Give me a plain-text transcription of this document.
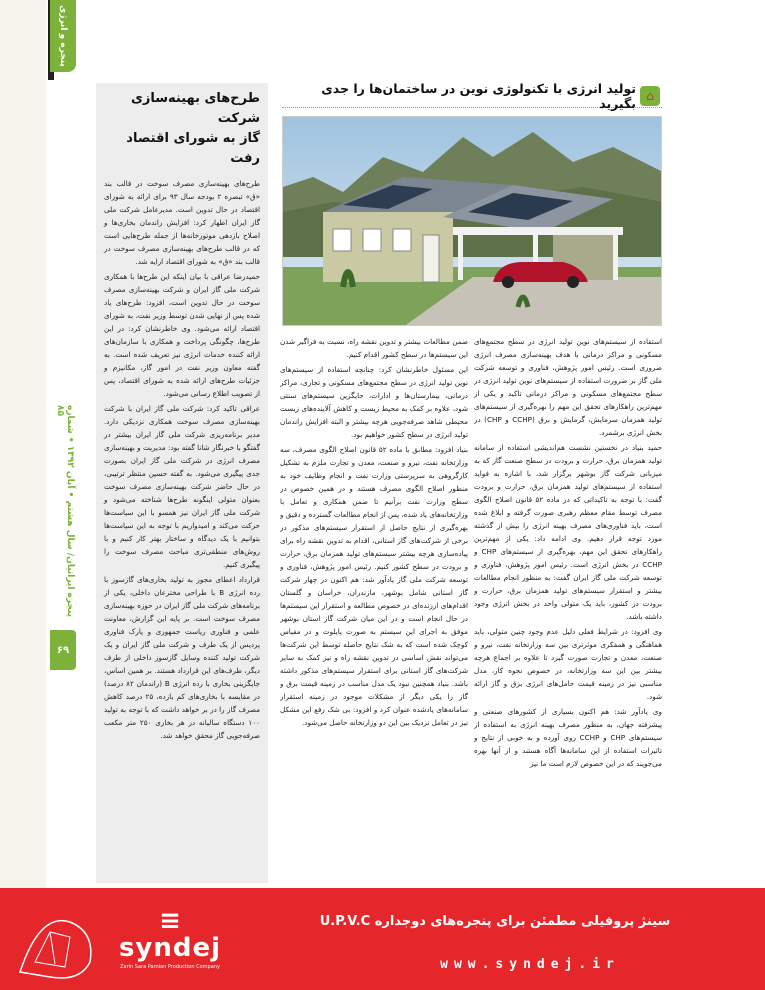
پنجره و انرژی
پنجره ایرانیان/ سال هشتم • آبان ۱۳۹۲ • شماره ۸۵
۶۹
طرح‌های بهینه‌سازی شرکت
گاز به شورای اقتصاد رفت

طرح‌های بهینه‌سازی مصرف سوخت در قالب بند «ق» تبصره ۲ بودجه سال ۹۳ برای ارائه به شورای اقتصاد در حال تدوین است. مدیرعامل شرکت ملی گاز ایران اظهار کرد: افزایش راندمان بخاری‌ها و اصلاح بازدهی موتورخانه‌ها از جمله طرح‌هایی است که در قالب طرح‌های بهینه‌سازی مصرف سوخت در قالب بند «ق» به شورای اقتصاد ارایه شد.

حمیدرضا عراقی با بیان اینکه این طرح‌ها با همکاری شرکت ملی گاز ایران و شرکت بهینه‌سازی مصرف سوخت در حال تدوین است، افزود: طرح‌های یاد شده پس از نهایی شدن توسط وزیر نفت، به شورای اقتصاد ارائه می‌شود. وی خاطرنشان کرد: در این طرح‌ها، چگونگی پرداخت و همکاری با سازمان‌های ارائه کننده خدمات انرژی نیز تعریف شده است. به گفته معاون وزیر نفت در امور گاز، مکانیزم و جزئیات طرح‌های ارائه شده به شورای اقتصاد، پس از تصویب اطلاع رسانی می‌شود.

عراقی تاکید کرد: شرکت ملی گاز ایران با شرکت بهینه‌سازی مصرف سوخت همکاری نزدیکی دارد. مدیر برنامه‌ریزی شرکت ملی گاز ایران بیشتر در گفتگو با خبرنگار شانا گفته بود: مدیریت و بهینه‌سازی مصرف انرژی در شرکت ملی گاز ایران بصورت جدی پیگیری می‌شود. به گفته حسین منتظر ترتیبی، در حال حاضر شرکت بهینه‌سازی مصرف سوخت بعنوان متولی اینگونه طرح‌ها شناخته می‌شود و شرکت ملی گاز ایران نیز همسو با این سیاست‌ها حرکت می‌کند و امیدواریم با توجه به این سیاست‌ها بتوانیم با یک دیدگاه و ساختار بهتر کار کنیم و با روش‌های منطقی‌تری مباحث مصرف سوخت را پیگیری کنیم.

قرارداد اعطای مجوز به تولید بخاری‌های گازسوز با رده انرژی B با طراحی مخترعان داخلی، یکی از برنامه‌های شرکت ملی گاز ایران در حوزه بهینه‌سازی مصرف سوخت است. بر پایه این گزارش، معاونت علمی و فناوری ریاست جمهوری و پارک فناوری پردیس از یک طرف و شرکت ملی گاز ایران و یک شرکت تولید کننده وسایل گازسوز داخلی از طرف دیگر، طرف‌های این قرارداد هستند. بر همین اساس، جایگزینی بخاری با رده انرژی B (راندمان ۸۲ درصد) در مقایسه با بخاری‌های کم بازده، ۲۵ درصد کاهش مصرف گاز را در بر خواهد داشت که با توجه به تولید ۱۰۰ دستگاه سالیانه در هر بخاری ۲۵۰ متر مکعب صرفه‌جویی گاز محقق خواهد شد.

⌂
تولید انرژی با تکنولوژی نوین در ساختمان‌ها را جدی بگیرید

استفاده از سیستم‌های نوین تولید انرژی در سطح مجتمع‌های مسکونی و مراکز درمانی با هدف بهینه‌سازی مصرف انرژی ضروری است. رئیس امور پژوهش، فناوری و توسعه شرکت ملی گاز بر ضرورت استفاده از سیستم‌های نوین تولید انرژی در سطح مجتمع‌های مسکونی و مراکز درمانی تاکید و یکی از مهم‌ترین راهکارهای تحقق این مهم را بهره‌گیری از سیستم‌های تولید همزمان سرمایش، گرمایش و برق (CCHP و CHP) در بخش انرژی برشمرد.

حمید بنیاد در نخستین نشست هم‌اندیشی استفاده از سامانه تولید همزمان برق، حرارت و برودت در سطح صنعت گاز که به میزبانی شرکت گاز بوشهر برگزار شد، با اشاره به فواید استفاده از سیستم‌های تولید همزمان برق، حرارت و برودت گفت: با توجه به تاکیداتی که در ماده ۵۲ قانون اصلاح الگوی مصرف توسط مقام معظم رهبری صورت گرفته و ابلاغ شده است، باید فناوری‌های مصرف بهینه انرژی را بیش از گذشته مورد توجه قرار دهیم. وی ادامه داد: یکی از مهم‌ترین راهکارهای تحقق این مهم، بهره‌گیری از سیستم‌های CHP و CCHP در بخش انرژی است. رئیس امور پژوهش، فناوری و توسعه شرکت ملی گاز ایران گفت: به منظور انجام مطالعات بیشتر و استقرار سیستم‌های تولید همزمان برق، حرارت و برودت در کشور، باید یک متولی واحد در بخش انرژی وجود داشته باشد.

وی افزود: در شرایط فعلی دلیل عدم وجود چنین متولی، باید هماهنگی و همفکری موثرتری بین سه وزارتخانه نفت، نیرو و صنعت، معدن و تجارت صورت گیرد تا علاوه بر اجماع هرچه بیشتر بین این سه وزارتخانه، در خصوص نحوه کار، مدل مناسبی نیز در زمینه قیمت حامل‌های انرژی برق و گاز ارائه شود.

وی یادآور شد: هم اکنون بسیاری از کشورهای صنعتی و پیشرفته جهان، به منظور مصرف بهینه انرژی به استفاده از سیستم‌های CHP و CCHP روی آورده و به خوبی از نتایج و تاثیرات استفاده از این سامانه‌ها آگاه هستند و از آنها بهره می‌جویند که در این خصوص لازم است ما نیز

ضمن مطالعات بیشتر و تدوین نقشه راه، نسبت به فراگیر شدن این سیستم‌ها در سطح کشور اقدام کنیم.

این مسئول خاطرنشان کرد: چنانچه استفاده از سیستم‌های نوین تولید انرژی در سطح مجتمع‌های مسکونی و تجاری، مراکز درمانی، بیمارستان‌ها و ادارات، جایگزین سیستم‌های سنتی شود، علاوه بر کمک به محیط زیست و کاهش آلاینده‌های زیست محیطی شاهد صرفه‌جویی هرچه بیشتر و البته افزایش راندمان تولید انرژی در سطح کشور خواهیم بود.

بنیاد افزود: مطابق با ماده ۵۲ قانون اصلاح الگوی مصرف، سه وزارتخانه نفت، نیرو و صنعت، معدن و تجارت ملزم به تشکیل کارگروهی به سرپرستی وزارت نفت و انجام وظایف خود به منظور اصلاح الگوی مصرف هستند و در همین خصوص در سطح وزارت نفت برآنیم تا ضمن همکاری و تعامل با وزارتخانه‌های یاد شده، پس از انجام مطالعات گسترده و دقیق و بهره‌گیری از نتایج حاصل از استقرار سیستم‌های مذکور در برخی از شرکت‌های گاز استانی، اقدام به تدوین نقشه راه برای پیاده‌سازی هرچه بیشتر سیستم‌های تولید همزمان برق، حرارت و برودت در سطح کشور کنیم. رئیس امور پژوهش، فناوری و توسعه شرکت ملی گاز یادآور شد: هم اکنون در چهار شرکت گاز استانی شامل بوشهر، مازندران، خراسان و گلستان اقدام‌های ارزنده‌ای در خصوص مطالعه و استقرار این سیستم‌ها در حال انجام است و در این میان شرکت گاز استان بوشهر موفق به اجرای این سیستم به صورت پایلوت و در مقیاس کوچک شده است که به شک نتایج حاصله توسط این شرکت‌ها می‌تواند نقش اساسی در تدوین نقشه راه و نیز کمک به سایر شرکت‌های گاز استانی برای استقرار سیستم‌های مذکور داشته باشد. بنیاد همچنین نبود یک مدل مناسب در زمینه قیمت برق و گاز را یکی دیگر از مشکلات موجود در زمینه استقرار سامانه‌های یادشده عنوان کرد و افزود: بی شک رفع این مشکل نیز در تعامل نزدیک بین این دو وزارتخانه حاصل می‌شود.

≡
syndej
Zarin Sara Parnian Production Company
سینژ پروفیلی مطمئن برای پنجره‌های دوجداره U.P.V.C
www.syndej.ir
